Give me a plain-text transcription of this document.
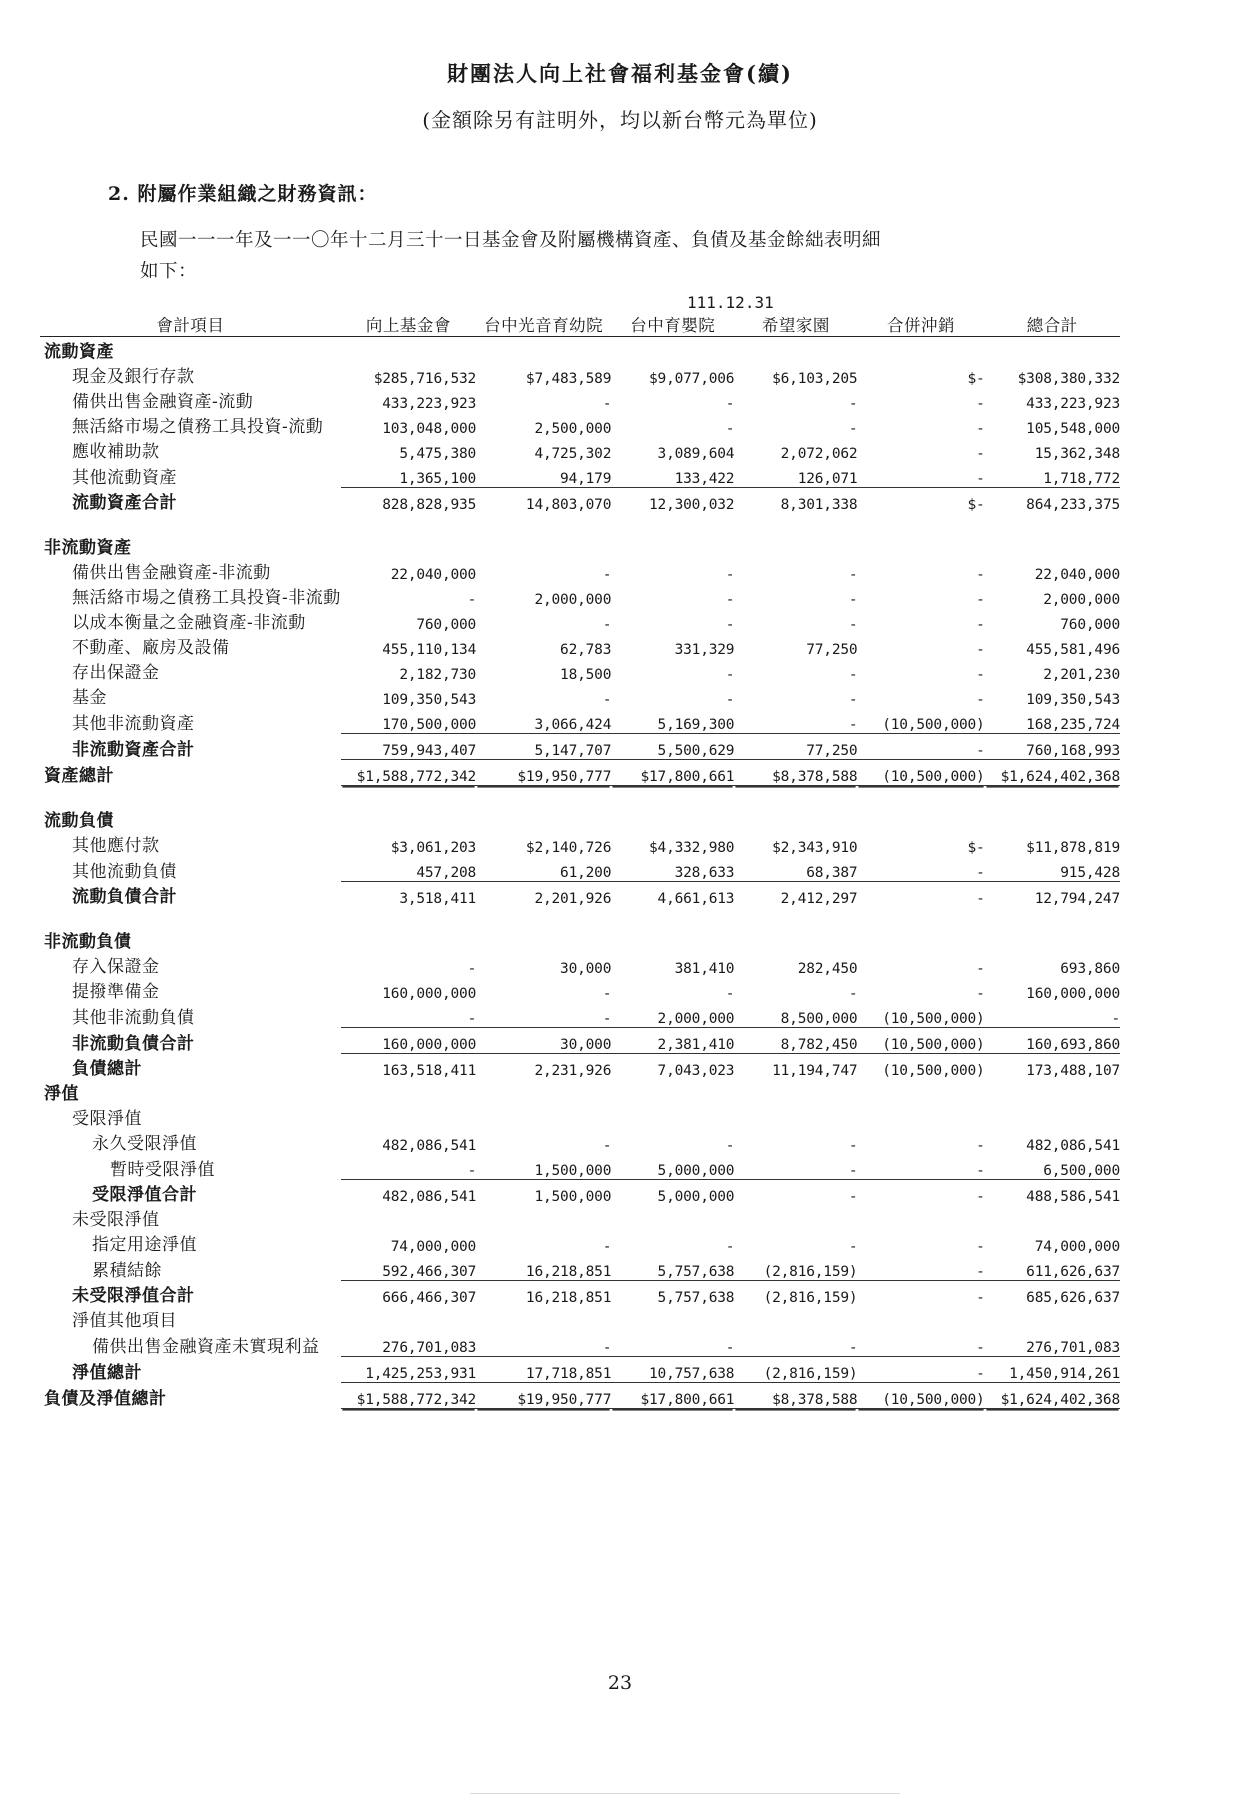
財團法人向上社會福利基金會(續)
(金額除另有註明外，均以新台幣元為單位)
2. 附屬作業組織之財務資訊：
民國一一一年及一一〇年十二月三十一日基金會及附屬機構資產、負債及基金餘絀表明細
如下：
	111.12.31					
會計項目	向上基金會	台中光音育幼院	台中育嬰院	希望家園	合併沖銷	總合計
流動資產						
現金及銀行存款	$285,716,532	$7,483,589	$9,077,006	$6,103,205	$-	$308,380,332
備供出售金融資產-流動	433,223,923	-	-	-	-	433,223,923
無活絡市場之債務工具投資-流動	103,048,000	2,500,000	-	-	-	105,548,000
應收補助款	5,475,380	4,725,302	3,089,604	2,072,062	-	15,362,348
其他流動資產	1,365,100	94,179	133,422	126,071	-	1,718,772
流動資產合計	828,828,935	14,803,070	12,300,032	8,301,338	$-	864,233,375

非流動資產						
備供出售金融資產-非流動	22,040,000	-	-	-	-	22,040,000
無活絡市場之債務工具投資-非流動	-	2,000,000	-	-	-	2,000,000
以成本衡量之金融資產-非流動	760,000	-	-	-	-	760,000
不動產、廠房及設備	455,110,134	62,783	331,329	77,250	-	455,581,496
存出保證金	2,182,730	18,500	-	-	-	2,201,230
基金	109,350,543	-	-	-	-	109,350,543
其他非流動資產	170,500,000	3,066,424	5,169,300	-	(10,500,000)	168,235,724
非流動資產合計	759,943,407	5,147,707	5,500,629	77,250	-	760,168,993
資產總計	$1,588,772,342	$19,950,777	$17,800,661	$8,378,588	(10,500,000)	$1,624,402,368

流動負債						
其他應付款	$3,061,203	$2,140,726	$4,332,980	$2,343,910	$-	$11,878,819
其他流動負債	457,208	61,200	328,633	68,387	-	915,428
流動負債合計	3,518,411	2,201,926	4,661,613	2,412,297	-	12,794,247

非流動負債						
存入保證金	-	30,000	381,410	282,450	-	693,860
提撥準備金	160,000,000	-	-	-	-	160,000,000
其他非流動負債	-	-	2,000,000	8,500,000	(10,500,000)	-
非流動負債合計	160,000,000	30,000	2,381,410	8,782,450	(10,500,000)	160,693,860
負債總計	163,518,411	2,231,926	7,043,023	11,194,747	(10,500,000)	173,488,107
淨值						
受限淨值						
永久受限淨值	482,086,541	-	-	-	-	482,086,541
暫時受限淨值	-	1,500,000	5,000,000	-	-	6,500,000
受限淨值合計	482,086,541	1,500,000	5,000,000	-	-	488,586,541
未受限淨值						
指定用途淨值	74,000,000	-	-	-	-	74,000,000
累積結餘	592,466,307	16,218,851	5,757,638	(2,816,159)	-	611,626,637
未受限淨值合計	666,466,307	16,218,851	5,757,638	(2,816,159)	-	685,626,637
淨值其他項目						
備供出售金融資產未實現利益	276,701,083	-	-	-	-	276,701,083
淨值總計	1,425,253,931	17,718,851	10,757,638	(2,816,159)	-	1,450,914,261
負債及淨值總計	$1,588,772,342	$19,950,777	$17,800,661	$8,378,588	(10,500,000)	$1,624,402,368
23
